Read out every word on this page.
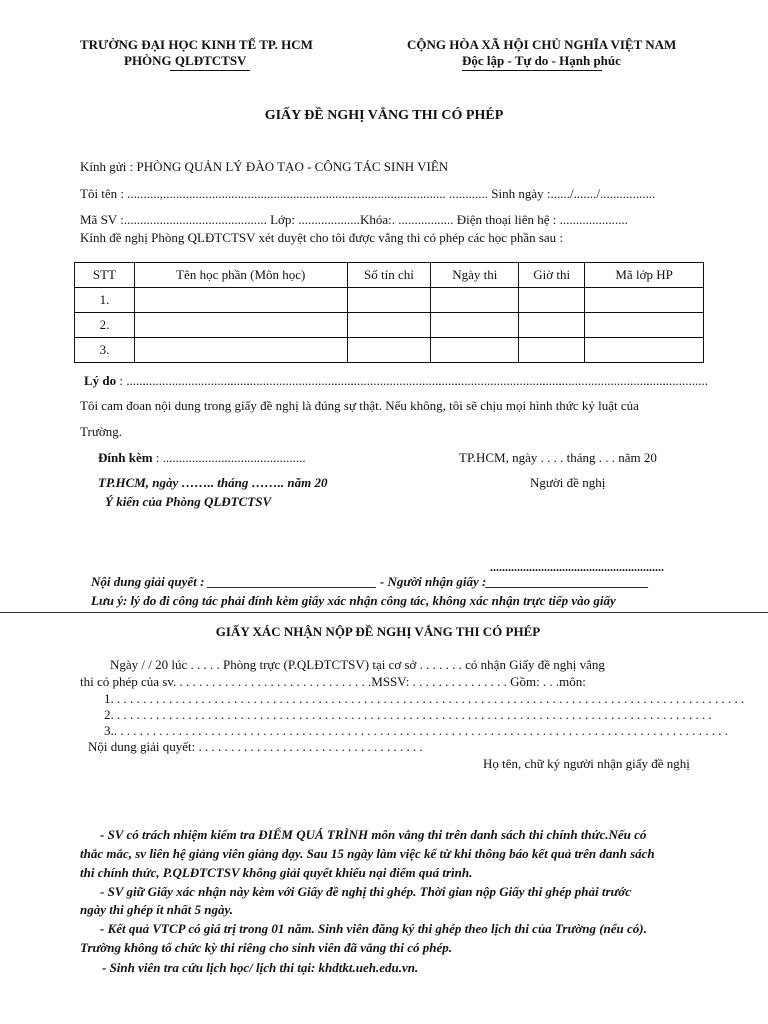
TRƯỜNG ĐẠI HỌC KINH TẾ TP. HCM
PHÒNG QLĐTCTSV
CỘNG HÒA XÃ HỘI CHỦ NGHĨA VIỆT NAM
Độc lập - Tự do - Hạnh phúc
GIẤY ĐỀ NGHỊ VẮNG THI CÓ PHÉP
Kính gửi : PHÒNG QUẢN LÝ ĐÀO TẠO - CÔNG TÁC SINH VIÊN
Tôi tên : ..........,....................................................................................... ............ Sinh ngày :....../......./.................
Mã SV :............................................ Lớp: ...................Khóa:. ................. Điện thoại liên hệ : .....................
Kính đề nghị Phòng QLĐTCTSV xét duyệt cho tôi được vắng thi có phép các học phần sau :
STT	Tên học phần (Môn học)	Số tín chỉ	Ngày thi	Giờ thi	Mã lớp HP
1.					
2.					
3.					
Lý do : ...................................................................................................................................................................................
Tôi cam đoan nội dung trong giấy đề nghị là đúng sự thật. Nếu không, tôi sẽ chịu mọi hình thức kỷ luật của
Trường.
Đính kèm : ............................................	TP.HCM, ngày . . . . tháng . . . năm 20
TP.HCM, ngày …….. tháng …….. năm 20	Người đề nghị
Ý kiến của Phòng QLĐTCTSV
..........................................................
Nội dung giải quyết : __________________________ - Người nhận giấy :_________________________
Lưu ý: lý do đi công tác phải đính kèm giấy xác nhận công tác, không xác nhận trực tiếp vào giấy
GIẤY XÁC NHẬN NỘP ĐỀ NGHỊ VẮNG THI CÓ PHÉP
Ngày / / 20 lúc . . . . . Phòng trực (P.QLĐTCTSV) tại cơ sở . . . . . . . có nhận Giấy đề nghị vắng
thi có phép của sv. . . . . . . . . . . . . . . . . . . . . . . . . . . . . . .MSSV: . . . . . . . . . . . . . . . Gồm: . . .môn:
1. . . . . . . . . . . . . . . . . . . . . . . . . . . . . . . . . . . . . . . . . . . . . . . . . . . . . . . . . . . . . . . . . . . . . . . . . . . . . . . . . . . . . . . . . . . . . . . . . .
2. . . . . . . . . . . . . . . . . . . . . . . . . . . . . . . . . . . . . . . . . . . . . . . . . . . . . . . . . . . . . . . . . . . . . . . . . . . . . . . . . . . . . . . . . . . . .
3.. . . . . . . . . . . . . . . . . . . . . . . . . . . . . . . . . . . . . . . . . . . . . . . . . . . . . . . . . . . . . . . . . . . . . . . . . . . . . . . . . . . . . . . . . . . . . . .
Nội dung giải quyết: . . . . . . . . . . . . . . . . . . . . . . . . . . . . . . . . . . .
Họ tên, chữ ký người nhận giấy đề nghị
- SV có trách nhiệm kiểm tra ĐIỂM QUÁ TRÌNH môn vắng thi trên danh sách thi chính thức.Nếu có
thắc mắc, sv liên hệ giảng viên giảng dạy. Sau 15 ngày làm việc kể từ khi thông báo kết quả trên danh sách
thi chính thức, P.QLĐTCTSV không giải quyết khiếu nại điểm quá trình.
- SV giữ Giấy xác nhận này kèm với Giấy đề nghị thi ghép. Thời gian nộp Giấy thi ghép phải trước
ngày thi ghép ít nhất 5 ngày.
- Kết quả VTCP có giá trị trong 01 năm. Sinh viên đăng ký thi ghép theo lịch thi của Trường (nếu có).
Trường không tổ chức kỳ thi riêng cho sinh viên đã vắng thi có phép.
- Sinh viên tra cứu lịch học/ lịch thi tại: khdtkt.ueh.edu.vn.
